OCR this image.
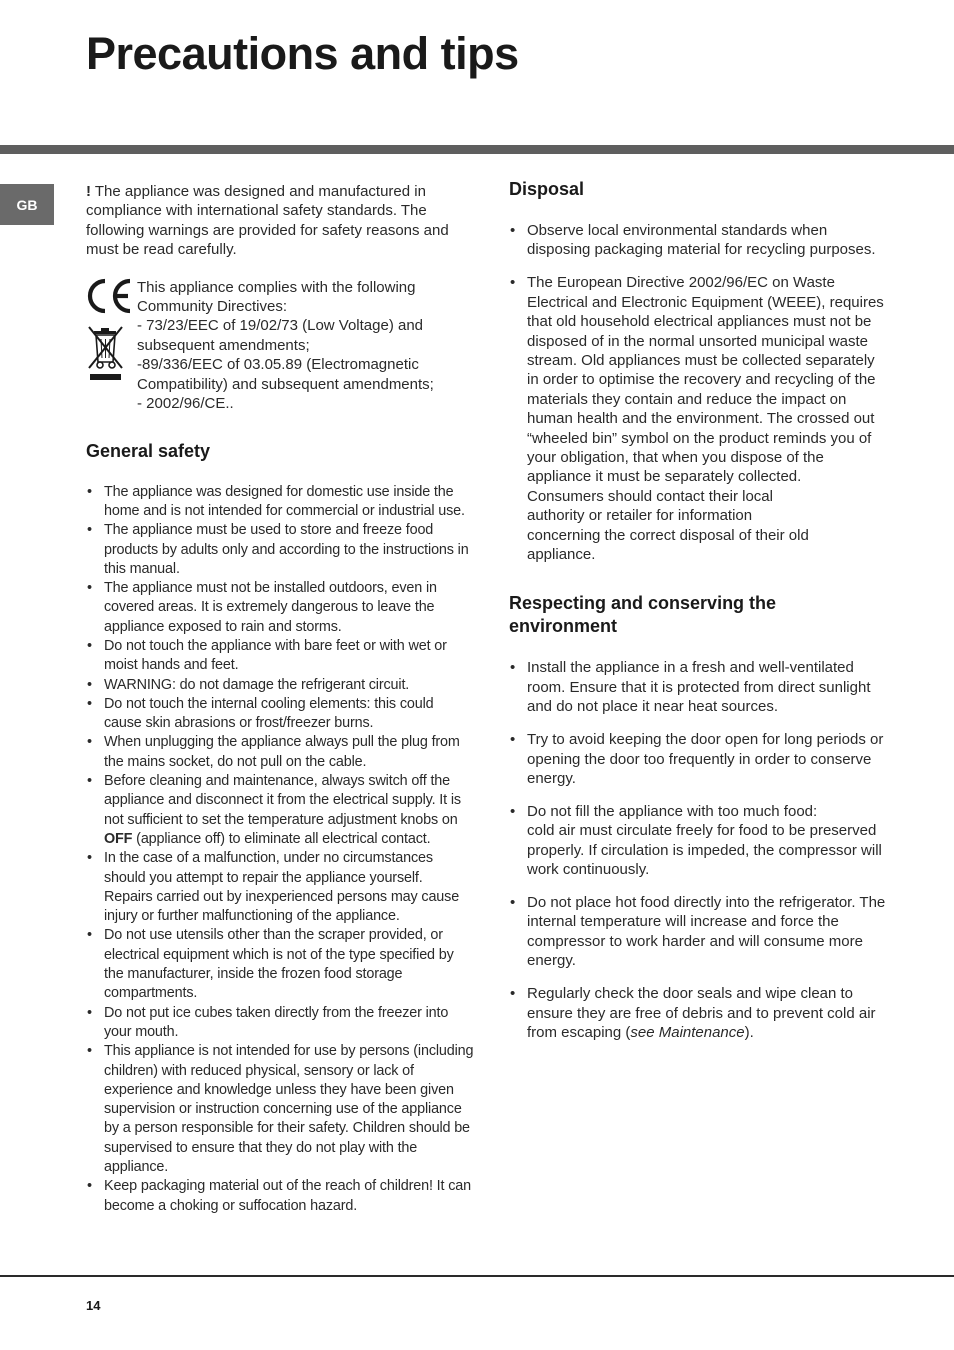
Precautions and tips
GB

! The appliance was designed and manufactured in compliance with international safety standards. The following warnings are provided for safety reasons and must be read carefully.

This appliance complies with the following Community Directives:

- 73/23/EEC of 19/02/73 (Low Voltage) and subsequent amendments;

-89/336/EEC of 03.05.89 (Electromagnetic Compatibility) and subsequent amendments;

- 2002/96/CE..

General safety
• The appliance was designed for domestic use inside the home and is not intended for commercial or industrial use.
• The appliance must be used to store and freeze food products by adults only and according to the instructions in this manual.
• The appliance must not be installed outdoors, even in covered areas. It is extremely dangerous to leave the appliance exposed to rain and storms.
• Do not touch the appliance with bare feet or with wet or moist hands and feet.
• WARNING: do not damage the refrigerant circuit.
• Do not touch the internal cooling elements: this could cause skin abrasions or frost/freezer burns.
• When unplugging the appliance always pull the plug from the mains socket, do not pull on the cable.
• Before cleaning and maintenance, always switch off the appliance and disconnect it from the electrical supply. It is not sufficient to set the temperature adjustment knobs on OFF (appliance off) to eliminate all electrical contact.
• In the case of a malfunction, under no circumstances should you attempt to repair the appliance yourself. Repairs carried out by inexperienced persons may cause injury or further malfunctioning of the appliance.
• Do not use utensils other than the scraper provided, or electrical equipment which is not of the type specified by the manufacturer, inside the frozen food storage compartments.
• Do not put ice cubes taken directly from the freezer into your mouth.
• This appliance is not intended for use by persons (including children) with reduced physical, sensory or lack of experience and knowledge unless they have been given supervision or instruction concerning use of the appliance by a person responsible for their safety. Children should be supervised to ensure that they do not play with the appliance.
• Keep packaging material out of the reach of children! It can become a choking or suffocation hazard.
Disposal
• Observe local environmental standards when disposing packaging material for recycling purposes.
• The European Directive 2002/96/EC on Waste Electrical and Electronic Equipment (WEEE), requires that old household electrical appliances must not be disposed of in the normal unsorted municipal waste stream. Old appliances must be collected separately in order to optimise the recovery and recycling of the materials they contain and reduce the impact on human health and the environment. The crossed out “wheeled bin” symbol on the product reminds you of your obligation, that when you dispose of the appliance it must be separately collected.
Consumers should contact their local
authority or retailer for information
concerning the correct disposal of their old
appliance.
Respecting and conserving the
environment
• Install the appliance in a fresh and well-ventilated room. Ensure that it is protected from direct sunlight and do not place it near heat sources.
• Try to avoid keeping the door open for long periods or opening the door too frequently in order to conserve energy.
• Do not fill the appliance with too much food:
cold air must circulate freely for food to be preserved properly. If circulation is impeded, the compressor will work continuously.
• Do not place hot food directly into the refrigerator. The internal temperature will increase and force the compressor to work harder and will consume more energy.
• Regularly check the door seals and wipe clean to ensure they are free of debris and to prevent cold air from escaping (see Maintenance).
14
